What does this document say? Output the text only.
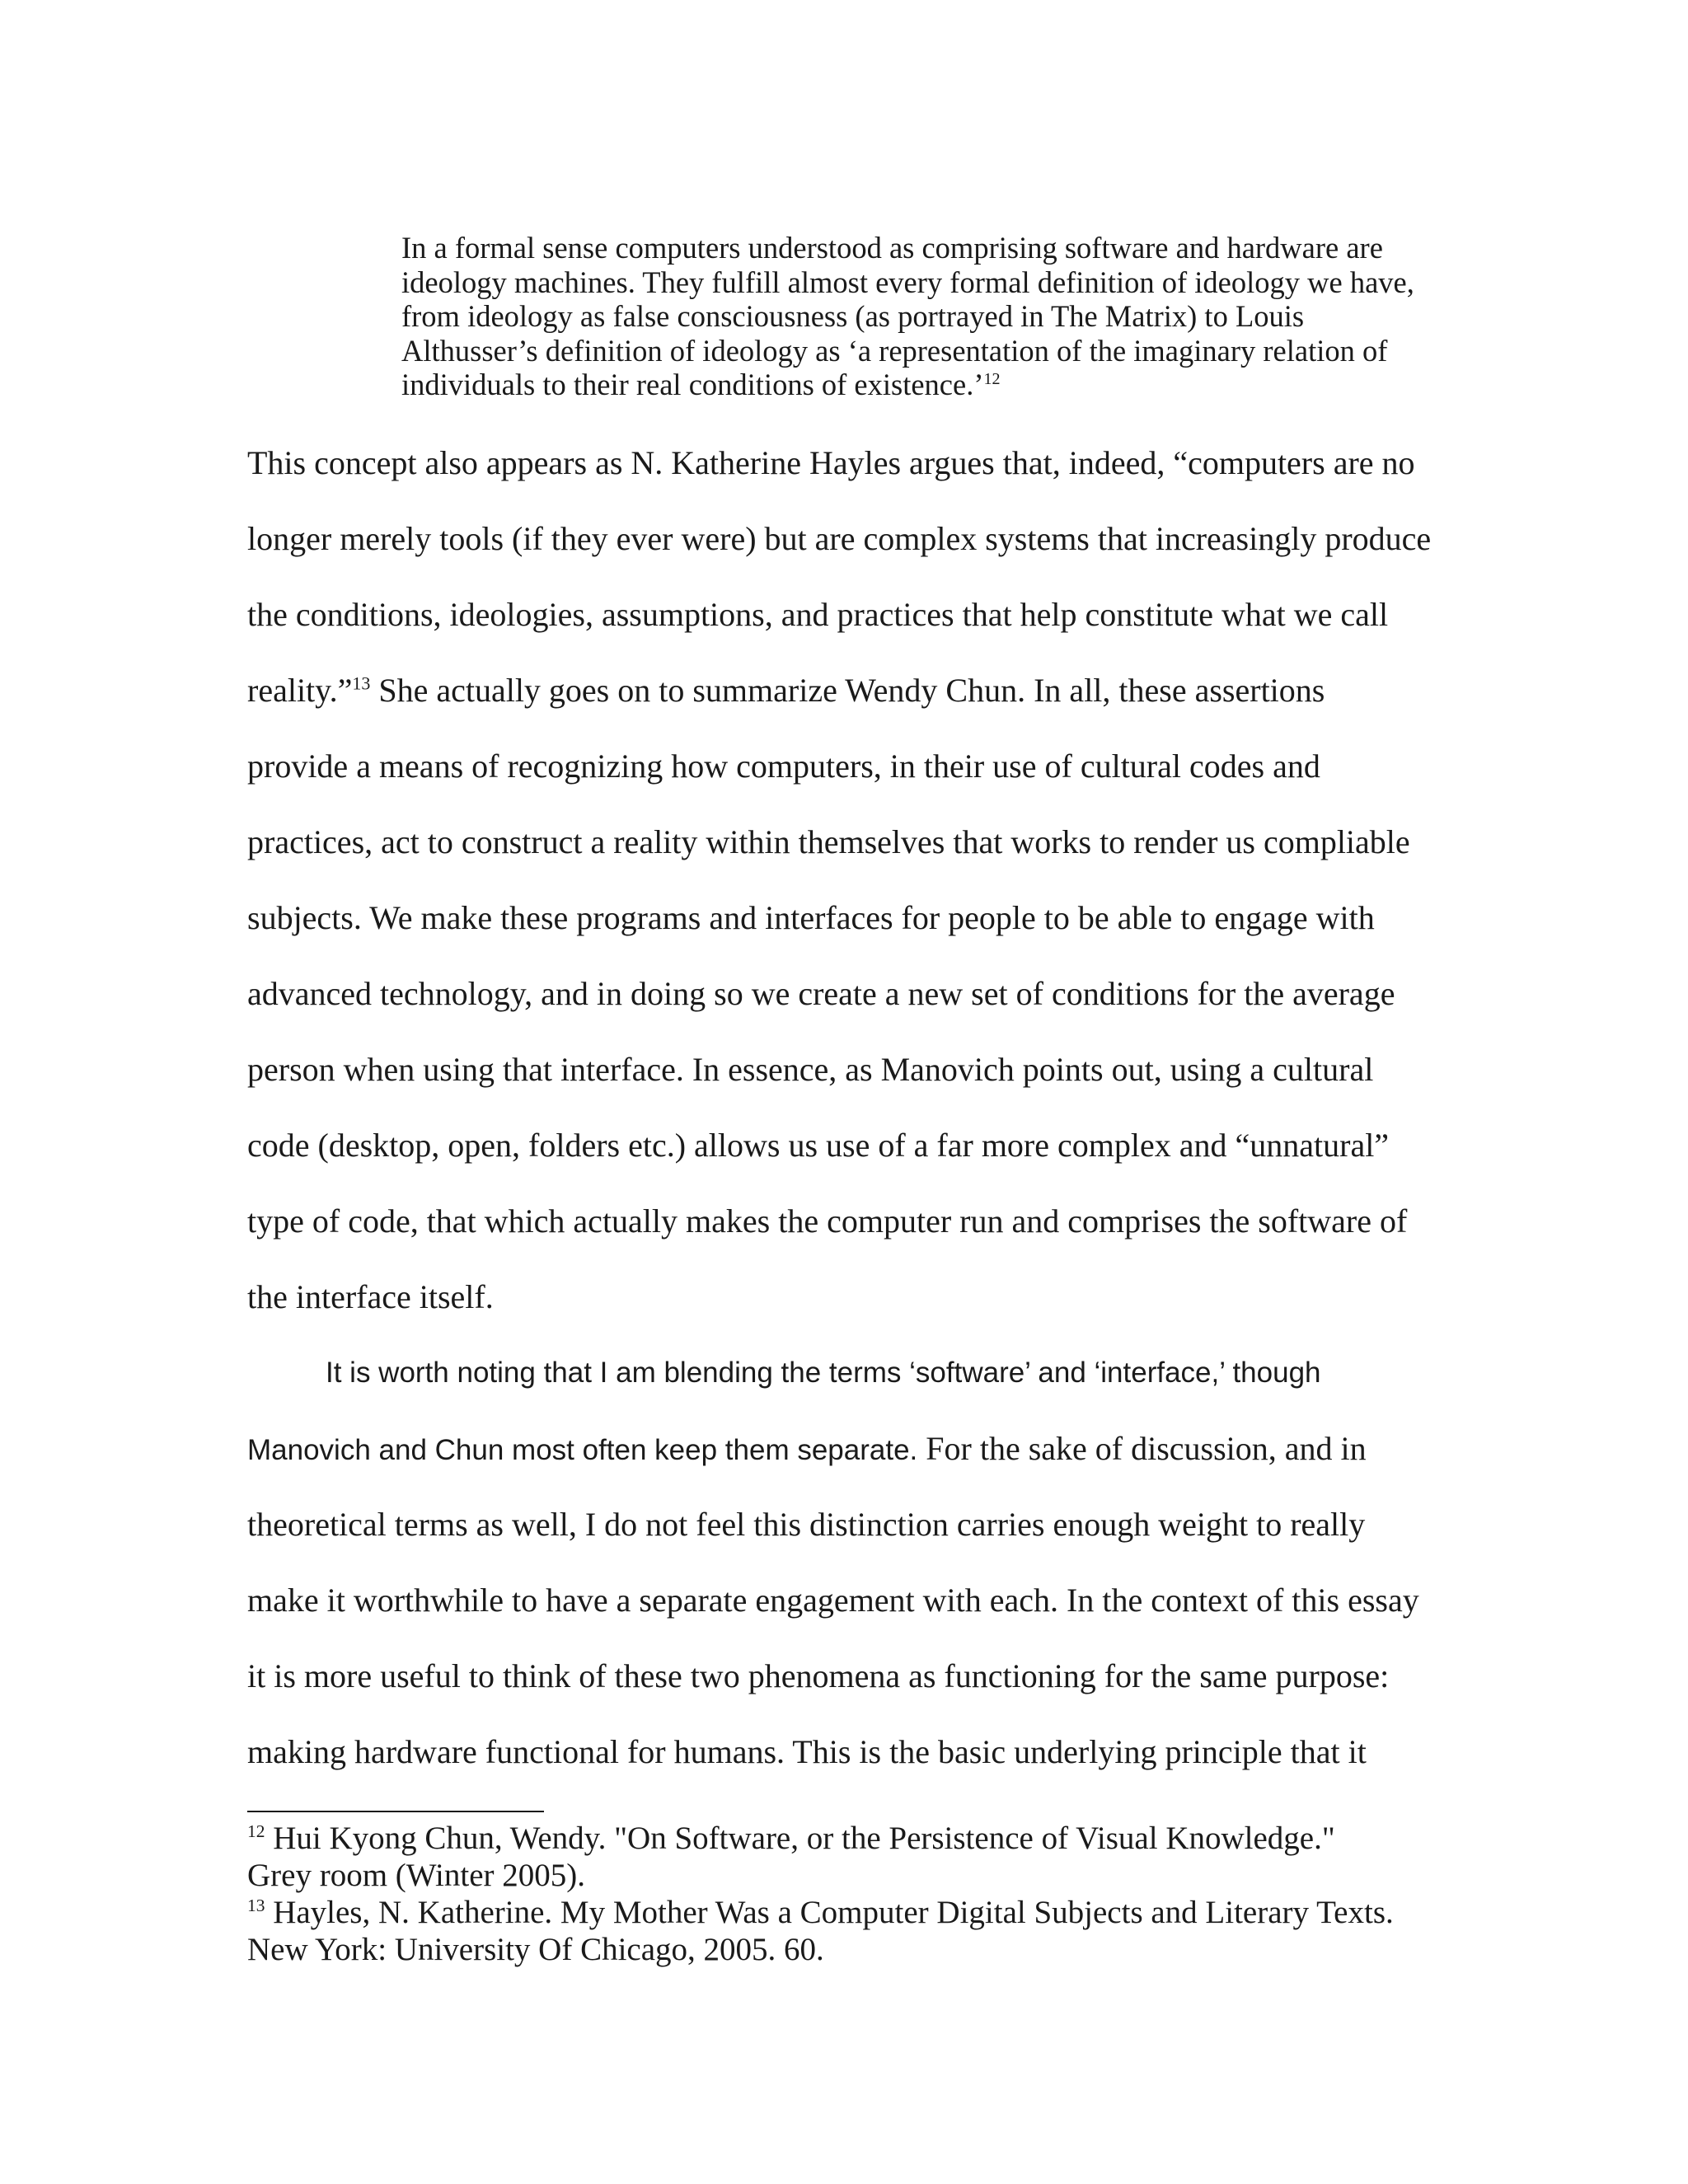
In a formal sense computers understood as comprising software and hardware are
ideology machines. They fulfill almost every formal definition of ideology we have,
from ideology as false consciousness (as portrayed in The Matrix) to Louis
Althusser’s definition of ideology as ‘a representation of the imaginary relation of
individuals to their real conditions of existence.’$^{12}$
This concept also appears as N. Katherine Hayles argues that, indeed, “computers are no
longer merely tools (if they ever were) but are complex systems that increasingly produce
the conditions, ideologies, assumptions, and practices that help constitute what we call
reality.”$^{13}$ She actually goes on to summarize Wendy Chun. In all, these assertions
provide a means of recognizing how computers, in their use of cultural codes and
practices, act to construct a reality within themselves that works to render us compliable
subjects. We make these programs and interfaces for people to be able to engage with
advanced technology, and in doing so we create a new set of conditions for the average
person when using that interface. In essence, as Manovich points out, using a cultural
code (desktop, open, folders etc.) allows us use of a far more complex and “unnatural”
type of code, that which actually makes the computer run and comprises the software of
the interface itself.
It is worth noting that I am blending the terms ‘software’ and ‘interface,’ though
Manovich and Chun most often keep them separate. For the sake of discussion, and in
theoretical terms as well, I do not feel this distinction carries enough weight to really
make it worthwhile to have a separate engagement with each. In the context of this essay
it is more useful to think of these two phenomena as functioning for the same purpose:
making hardware functional for humans. This is the basic underlying principle that it
$^{12}$ Hui Kyong Chun, Wendy. "On Software, or the Persistence of Visual Knowledge."
Grey room (Winter 2005).
$^{13}$ Hayles, N. Katherine. My Mother Was a Computer Digital Subjects and Literary Texts.
New York: University Of Chicago, 2005. 60.
